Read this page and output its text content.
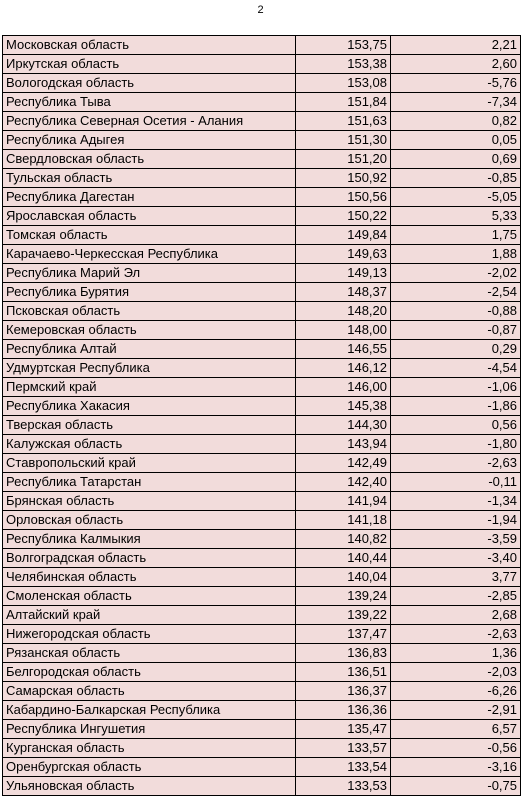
2
Московская область	153,75	2,21
Иркутская область	153,38	2,60
Вологодская область	153,08	-5,76
Республика Тыва	151,84	-7,34
Республика Северная Осетия - Алания	151,63	0,82
Республика Адыгея	151,30	0,05
Свердловская область	151,20	0,69
Тульская область	150,92	-0,85
Республика Дагестан	150,56	-5,05
Ярославская область	150,22	5,33
Томская область	149,84	1,75
Карачаево-Черкесская Республика	149,63	1,88
Республика Марий Эл	149,13	-2,02
Республика Бурятия	148,37	-2,54
Псковская область	148,20	-0,88
Кемеровская область	148,00	-0,87
Республика Алтай	146,55	0,29
Удмуртская Республика	146,12	-4,54
Пермский край	146,00	-1,06
Республика Хакасия	145,38	-1,86
Тверская область	144,30	0,56
Калужская область	143,94	-1,80
Ставропольский край	142,49	-2,63
Республика Татарстан	142,40	-0,11
Брянская область	141,94	-1,34
Орловская область	141,18	-1,94
Республика Калмыкия	140,82	-3,59
Волгоградская область	140,44	-3,40
Челябинская область	140,04	3,77
Смоленская область	139,24	-2,85
Алтайский край	139,22	2,68
Нижегородская область	137,47	-2,63
Рязанская область	136,83	1,36
Белгородская область	136,51	-2,03
Самарская область	136,37	-6,26
Кабардино-Балкарская Республика	136,36	-2,91
Республика Ингушетия	135,47	6,57
Курганская область	133,57	-0,56
Оренбургская область	133,54	-3,16
Ульяновская область	133,53	-0,75
